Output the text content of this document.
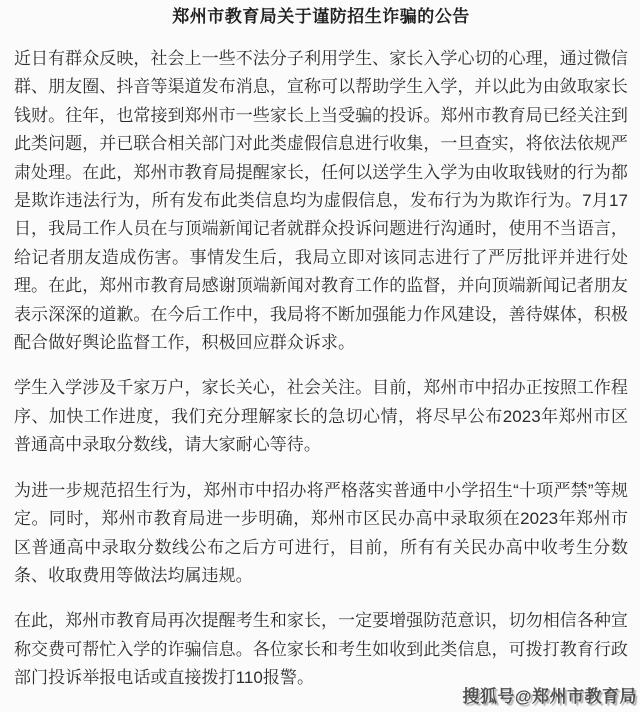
郑州市教育局关于谨防招生诈骗的公告

近日有群众反映，社会上一些不法分子利用学生、家长入学心切的心理，通过微信群、朋友圈、抖音等渠道发布消息，宣称可以帮助学生入学，并以此为由敛取家长钱财。往年，也常接到郑州市一些家长上当受骗的投诉。郑州市教育局已经关注到此类问题，并已联合相关部门对此类虚假信息进行收集，一旦查实，将依法依规严肃处理。在此，郑州市教育局提醒家长，任何以送学生入学为由收取钱财的行为都是欺诈违法行为，所有发布此类信息均为虚假信息，发布行为为欺诈行为。7月17日，我局工作人员在与顶端新闻记者就群众投诉问题进行沟通时，使用不当语言，给记者朋友造成伤害。事情发生后，我局立即对该同志进行了严厉批评并进行处理。在此，郑州市教育局感谢顶端新闻对教育工作的监督，并向顶端新闻记者朋友表示深深的道歉。在今后工作中，我局将不断加强能力作风建设，善待媒体，积极配合做好舆论监督工作，积极回应群众诉求。

学生入学涉及千家万户，家长关心，社会关注。目前，郑州市中招办正按照工作程序、加快工作进度，我们充分理解家长的急切心情，将尽早公布2023年郑州市区普通高中录取分数线，请大家耐心等待。

为进一步规范招生行为，郑州市中招办将严格落实普通中小学招生“十项严禁”等规定。同时，郑州市教育局进一步明确，郑州市区民办高中录取须在2023年郑州市区普通高中录取分数线公布之后方可进行，目前，所有有关民办高中收考生分数条、收取费用等做法均属违规。

在此，郑州市教育局再次提醒考生和家长，一定要增强防范意识，切勿相信各种宣称交费可帮忙入学的诈骗信息。各位家长和考生如收到此类信息，可拨打教育行政部门投诉举报电话或直接拨打110报警。

搜狐号@郑州市教育局
